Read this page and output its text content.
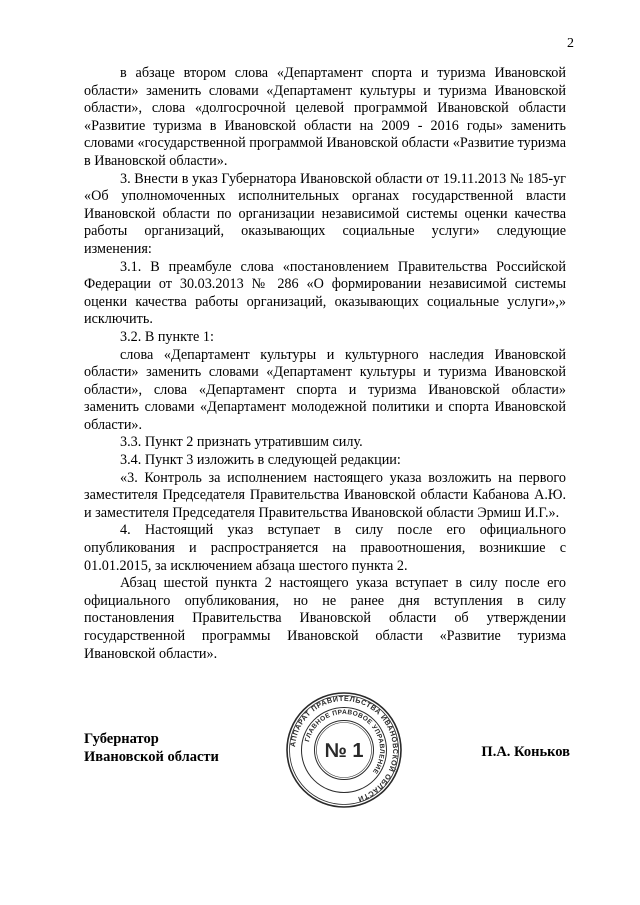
2

в абзаце втором слова «Департамент спорта и туризма Ивановской области» заменить словами «Департамент культуры и туризма Ивановской области», слова «долгосрочной целевой программой Ивановской области «Развитие туризма в Ивановской области на 2009 - 2016 годы» заменить словами «государственной программой Ивановской области «Развитие туризма в Ивановской области».

3. Внести в указ Губернатора Ивановской области от 19.11.2013 № 185-уг «Об уполномоченных исполнительных органах государственной власти Ивановской области по организации независимой системы оценки качества работы организаций, оказывающих социальные услуги» следующие изменения:

3.1. В преамбуле слова «постановлением Правительства Российской Федерации от 30.03.2013 № 286 «О формировании независимой системы оценки качества работы организаций, оказывающих социальные услуги»,» исключить.

3.2. В пункте 1:

слова «Департамент культуры и культурного наследия Ивановской области» заменить словами «Департамент культуры и туризма Ивановской области», слова «Департамент спорта и туризма Ивановской области» заменить словами «Департамент молодежной политики и спорта Ивановской области».

3.3. Пункт 2 признать утратившим силу.

3.4. Пункт 3 изложить в следующей редакции:

«3. Контроль за исполнением настоящего указа возложить на первого заместителя Председателя Правительства Ивановской области Кабанова А.Ю. и заместителя Председателя Правительства Ивановской области Эрмиш И.Г.».

4. Настоящий указ вступает в силу после его официального опубликования и распространяется на правоотношения, возникшие с 01.01.2015, за исключением абзаца шестого пункта 2.

Абзац шестой пункта 2 настоящего указа вступает в силу после его официального опубликования, но не ранее дня вступления в силу постановления Правительства Ивановской области об утверждении государственной программы Ивановской области «Развитие туризма Ивановской области».

Губернатор
Ивановской области	П.А. Коньков
АППАРАТ ПРАВИТЕЛЬСТВА ИВАНОВСКОЙ ОБЛАСТИ
ГЛАВНОЕ ПРАВОВОЕ УПРАВЛЕНИЕ
№ 1
